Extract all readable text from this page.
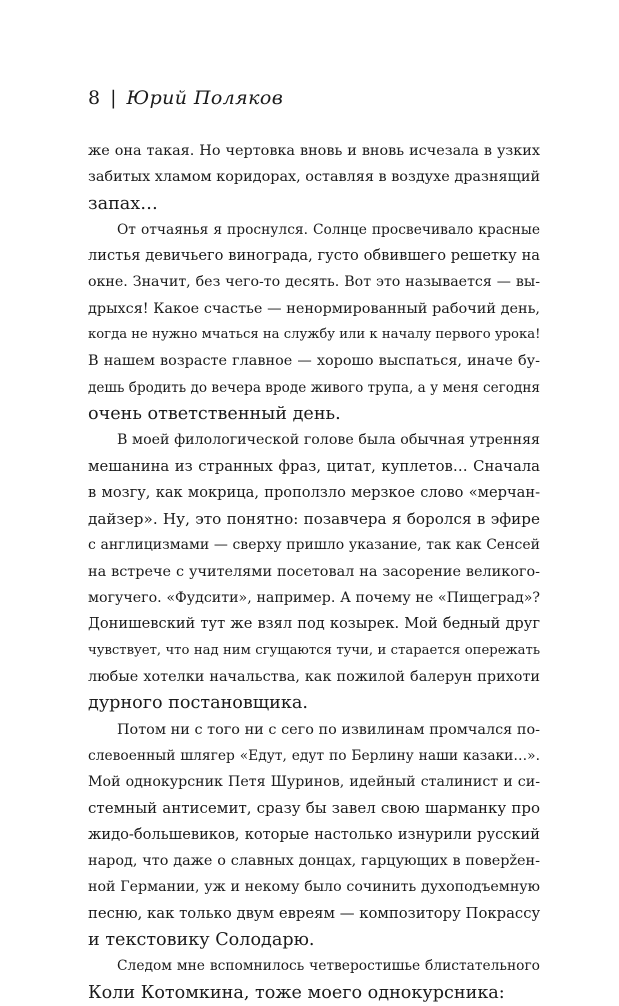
8 | Юрий Поляков

же она такая. Но чертовка вновь и вновь исчезала в узких

забитых хламом коридорах, оставляя в воздухе дразнящий

запах…

От отчаянья я проснулся. Солнце просвечивало красные

листья девичьего винограда, густо обвившего решетку на

окне. Значит, без чего-то десять. Вот это называется — вы-

дрыхся! Какое счастье — ненормированный рабочий день,

когда не нужно мчаться на службу или к началу первого урока!

В нашем возрасте главное — хорошо выспаться, иначе бу-

дешь бродить до вечера вроде живого трупа, а у меня сегодня

очень ответственный день.

В моей филологической голове была обычная утренняя

мешанина из странных фраз, цитат, куплетов… Сначала

в мозгу, как мокрица, проползло мерзкое слово «мерчан-

дайзер». Ну, это понятно: позавчера я боролся в эфире

с англицизмами — сверху пришло указание, так как Сенсей

на встрече с учителями посетовал на засорение великого-

могучего. «Фудсити», например. А почему не «Пищеград»?

Донишевский тут же взял под козырек. Мой бедный друг

чувствует, что над ним сгущаются тучи, и старается опережать

любые хотелки начальства, как пожилой балерун прихоти

дурного постановщика.

Потом ни с того ни с сего по извилинам промчался по-

слевоенный шлягер «Едут, едут по Берлину наши казаки…».

Мой однокурсник Петя Шуринов, идейный сталинист и си-

стемный антисемит, сразу бы завел свою шарманку про

жидо-большевиков, которые настолько изнурили русский

народ, что даже о славных донцах, гарцующих в поверžен-

ной Германии, уж и некому было сочинить духоподъемную

песню, как только двум евреям — композитору Покрассу

и текстовику Солодарю.

Следом мне вспомнилось четверостишье блистательного

Коли Котомкина, тоже моего однокурсника:
